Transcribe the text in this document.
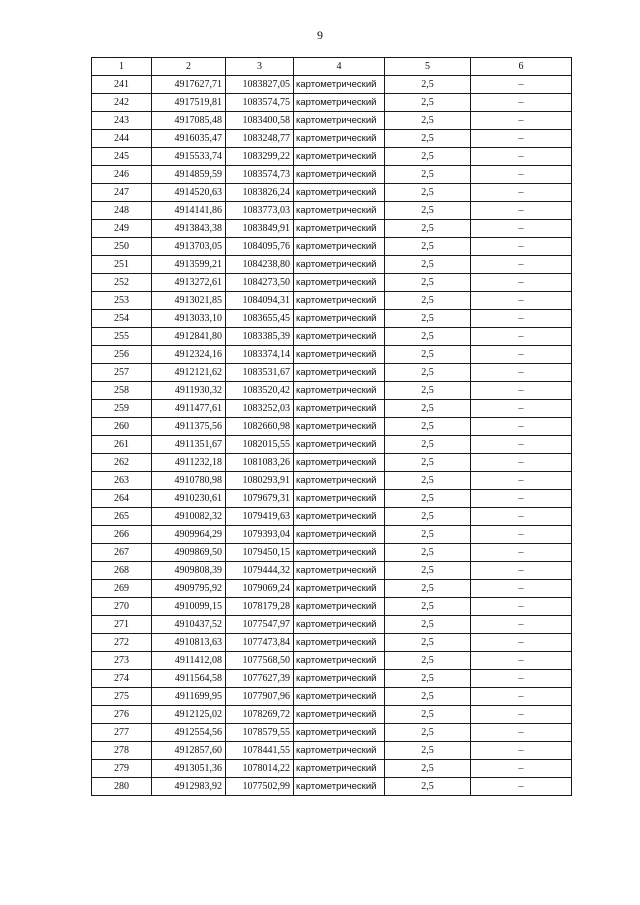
9
1	2	3	4	5	6
241	4917627,71	1083827,05	картометрический	2,5	–
242	4917519,81	1083574,75	картометрический	2,5	–
243	4917085,48	1083400,58	картометрический	2,5	–
244	4916035,47	1083248,77	картометрический	2,5	–
245	4915533,74	1083299,22	картометрический	2,5	–
246	4914859,59	1083574,73	картометрический	2,5	–
247	4914520,63	1083826,24	картометрический	2,5	–
248	4914141,86	1083773,03	картометрический	2,5	–
249	4913843,38	1083849,91	картометрический	2,5	–
250	4913703,05	1084095,76	картометрический	2,5	–
251	4913599,21	1084238,80	картометрический	2,5	–
252	4913272,61	1084273,50	картометрический	2,5	–
253	4913021,85	1084094,31	картометрический	2,5	–
254	4913033,10	1083655,45	картометрический	2,5	–
255	4912841,80	1083385,39	картометрический	2,5	–
256	4912324,16	1083374,14	картометрический	2,5	–
257	4912121,62	1083531,67	картометрический	2,5	–
258	4911930,32	1083520,42	картометрический	2,5	–
259	4911477,61	1083252,03	картометрический	2,5	–
260	4911375,56	1082660,98	картометрический	2,5	–
261	4911351,67	1082015,55	картометрический	2,5	–
262	4911232,18	1081083,26	картометрический	2,5	–
263	4910780,98	1080293,91	картометрический	2,5	–
264	4910230,61	1079679,31	картометрический	2,5	–
265	4910082,32	1079419,63	картометрический	2,5	–
266	4909964,29	1079393,04	картометрический	2,5	–
267	4909869,50	1079450,15	картометрический	2,5	–
268	4909808,39	1079444,32	картометрический	2,5	–
269	4909795,92	1079069,24	картометрический	2,5	–
270	4910099,15	1078179,28	картометрический	2,5	–
271	4910437,52	1077547,97	картометрический	2,5	–
272	4910813,63	1077473,84	картометрический	2,5	–
273	4911412,08	1077568,50	картометрический	2,5	–
274	4911564,58	1077627,39	картометрический	2,5	–
275	4911699,95	1077907,96	картометрический	2,5	–
276	4912125,02	1078269,72	картометрический	2,5	–
277	4912554,56	1078579,55	картометрический	2,5	–
278	4912857,60	1078441,55	картометрический	2,5	–
279	4913051,36	1078014,22	картометрический	2,5	–
280	4912983,92	1077502,99	картометрический	2,5	–
